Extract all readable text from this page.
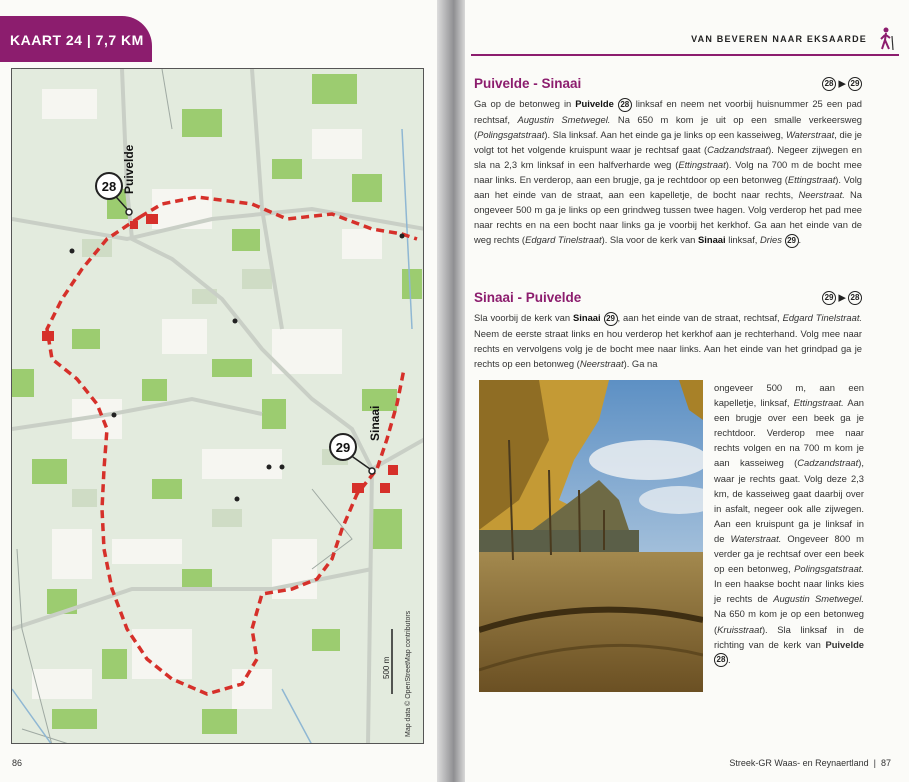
KAART 24 | 7,7 KM
28 Puivelde
29
Sinaai
500 m Map data © OpenStreetMap contributors
86
VAN BEVEREN NAAR EKSAARDE
Puivelde - Sinaai	28 ▶ 29

Ga op de betonweg in Puivelde 28 linksaf en neem net voorbij huisnummer 25 een pad rechtsaf, Augustin Smetwegel. Na 650 m kom je uit op een smalle verkeersweg (Polingsgatstraat). Sla linksaf. Aan het einde ga je links op een kasseiweg, Waterstraat, die je volgt tot het volgende kruispunt waar je rechtsaf gaat (Cadzandstraat). Negeer zijwegen en sla na 2,3 km linksaf in een halfverharde weg (Ettingstraat). Volg na 700 m de bocht mee naar links. En verderop, aan een brugje, ga je rechtdoor op een betonweg (Ettingstraat). Volg aan het einde van de straat, aan een kapelletje, de bocht naar rechts, Neerstraat. Na ongeveer 500 m ga je links op een grindweg tussen twee hagen. Volg verderop het pad mee naar rechts en na een bocht naar links ga je voorbij het kerkhof. Ga aan het einde van de weg rechts (Edgard Tinelstraat). Sla voor de kerk van Sinaai linksaf, Dries 29 .

Sinaai - Puivelde	29 ▶ 28

Sla voorbij de kerk van Sinaai 29 , aan het einde van de straat, rechtsaf, Edgard Tinelstraat. Neem de eerste straat links en hou verderop het kerkhof aan je rechterhand. Volg mee naar rechts en vervolgens volg je de bocht mee naar links. Aan het einde van het grindpad ga je rechts op een betonweg (Neerstraat). Ga na

ongeveer 500 m, aan een kapelletje, linksaf, Ettingstraat. Aan een brugje over een beek ga je rechtdoor. Verderop mee naar rechts volgen en na 700 m kom je aan kasseiweg (Cadzandstraat), waar je rechts gaat. Volg deze 2,3 km, de kasseiweg gaat daarbij over in asfalt, negeer ook alle zijwegen. Aan een kruispunt ga je linksaf in de Waterstraat. Ongeveer 800 m verder ga je rechtsaf over een beek op een betonweg, Polingsgatstraat. In een haakse bocht naar links kies je rechts de Augustin Smetwegel. Na 650 m kom je op een betonweg (Kruisstraat). Sla linksaf in de richting van de kerk van Puivelde 28 .
Streek-GR Waas- en Reynaertland  |  87
